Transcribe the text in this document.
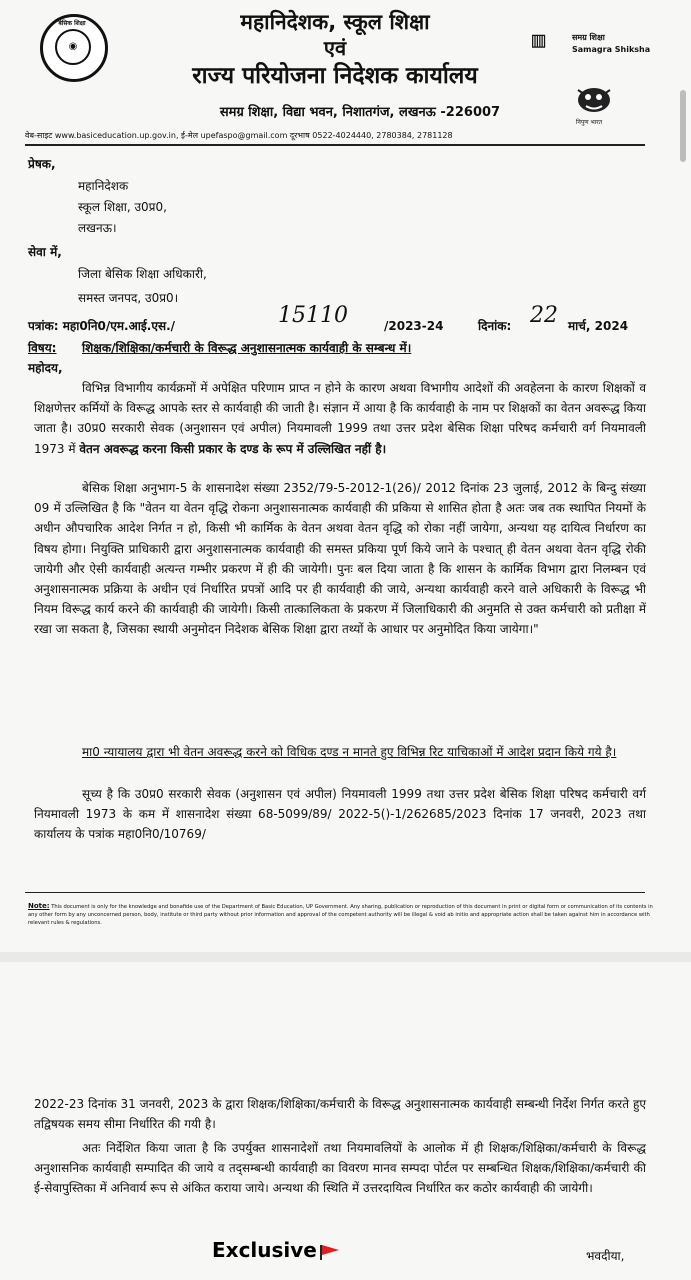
◉
बेसिक शिक्षा	महानिदेशक, स्कूल शिक्षा
एवं
राज्य परियोजना निदेशक कार्यालय
▥	समग्र शिक्षा
Samagra Shiksha
निपुण भारत
समग्र शिक्षा, विद्या भवन, निशातगंज, लखनऊ -226007
वेब-साइट www.basiceducation.up.gov.in, ई-मेल upefaspo@gmail.com दूरभाष 0522-4024440, 2780384, 2781128
प्रेषक,
महानिदेशक
स्कूल शिक्षा, उ0प्र0,
लखनऊ।
सेवा में,
जिला बेसिक शिक्षा अधिकारी,
समस्त जनपद, उ0प्र0।
पत्रांक: महा0नि0/एम.आई.एस./	15110	/2023-24	दिनांक: 22 मार्च, 2024
विषय: शिक्षक/शिक्षिका/कर्मचारी के विरूद्ध अनुशासनात्मक कार्यवाही के सम्बन्ध में।
महोदय,
विभिन्न विभागीय कार्यक्रमों में अपेक्षित परिणाम प्राप्त न होने के कारण अथवा विभागीय आदेशों की अवहेलना के कारण शिक्षकों व शिक्षणेत्तर कर्मियों के विरूद्ध आपके स्तर से कार्यवाही की जाती है। संज्ञान में आया है कि कार्यवाही के नाम पर शिक्षकों का वेतन अवरूद्ध किया जाता है। उ0प्र0 सरकारी सेवक (अनुशासन एवं अपील) नियमावली 1999 तथा उत्तर प्रदेश बेसिक शिक्षा परिषद कर्मचारी वर्ग नियमावली 1973 में वेतन अवरूद्ध करना किसी प्रकार के दण्ड के रूप में उल्लिखित नहीं है।
बेसिक शिक्षा अनुभाग-5 के शासनादेश संख्या 2352/79-5-2012-1(26)/ 2012 दिनांक 23 जुलाई, 2012 के बिन्दु संख्या 09 में उल्लिखित है कि "वेतन या वेतन वृद्धि रोकना अनुशासनात्मक कार्यवाही की प्रकिया से शासित होता है अतः जब तक स्थापित नियमों के अधीन औपचारिक आदेश निर्गत न हो, किसी भी कार्मिक के वेतन अथवा वेतन वृद्धि को रोका नहीं जायेगा, अन्यथा यह दायित्व निर्धारण का विषय होगा। नियुक्ति प्राधिकारी द्वारा अनुशासनात्मक कार्यवाही की समस्त प्रकिया पूर्ण किये जाने के पश्चात् ही वेतन अथवा वेतन वृद्धि रोकी जायेगी और ऐसी कार्यवाही अत्यन्त गम्भीर प्रकरण में ही की जायेगी। पुनः बल दिया जाता है कि शासन के कार्मिक विभाग द्वारा निलम्बन एवं अनुशासनात्मक प्रक्रिया के अधीन एवं निर्धारित प्रपत्रों आदि पर ही कार्यवाही की जाये, अन्यथा कार्यवाही करने वाले अधिकारी के विरूद्ध भी नियम विरूद्ध कार्य करने की कार्यवाही की जायेगी। किसी तात्कालिकता के प्रकरण में जिलाधिकारी की अनुमति से उक्त कर्मचारी को प्रतीक्षा में रखा जा सकता है, जिसका स्थायी अनुमोदन निदेशक बेसिक शिक्षा द्वारा तथ्यों के आधार पर अनुमोदित किया जायेगा।"
मा0 न्यायालय द्वारा भी वेतन अवरूद्ध करने को विधिक दण्ड न मानते हुए विभिन्न रिट याचिकाओं में आदेश प्रदान किये गये है।
सूच्य है कि उ0प्र0 सरकारी सेवक (अनुशासन एवं अपील) नियमावली 1999 तथा उत्तर प्रदेश बेसिक शिक्षा परिषद कर्मचारी वर्ग नियमावली 1973 के कम में शासनादेश संख्या 68-5099/89/ 2022-5()-1/262685/2023 दिनांक 17 जनवरी, 2023 तथा कार्यालय के पत्रांक महा0नि0/10769/
Note: This document is only for the knowledge and bonafide use of the Department of Basic Education, UP Government. Any sharing, publication or reproduction of this document in print or digital form or communication of its contents in any other form by any unconcerned person, body, institute or third party without prior information and approval of the competent authority will be illegal & void ab initio and appropriate action shall be taken against him in accordance with relevant rules & regulations.
2022-23 दिनांक 31 जनवरी, 2023 के द्वारा शिक्षक/शिक्षिका/कर्मचारी के विरूद्ध अनुशासनात्मक कार्यवाही सम्बन्धी निर्देश निर्गत करते हुए तद्विषयक समय सीमा निर्धारित की गयी है।
अतः निर्देशित किया जाता है कि उपर्युक्त शासनादेशों तथा नियमावलियों के आलोक में ही शिक्षक/शिक्षिका/कर्मचारी के विरूद्ध अनुशासनिक कार्यवाही सम्पादित की जाये व तद्सम्बन्धी कार्यवाही का विवरण मानव सम्पदा पोर्टल पर सम्बन्धित शिक्षक/शिक्षिका/कर्मचारी की ई-सेवापुस्तिका में अनिवार्य रूप से अंकित कराया जाये। अन्यथा की स्थिति में उत्तरदायित्व निर्धारित कर कठोर कार्यवाही की जायेगी।
भवदीया,
Exclusive
